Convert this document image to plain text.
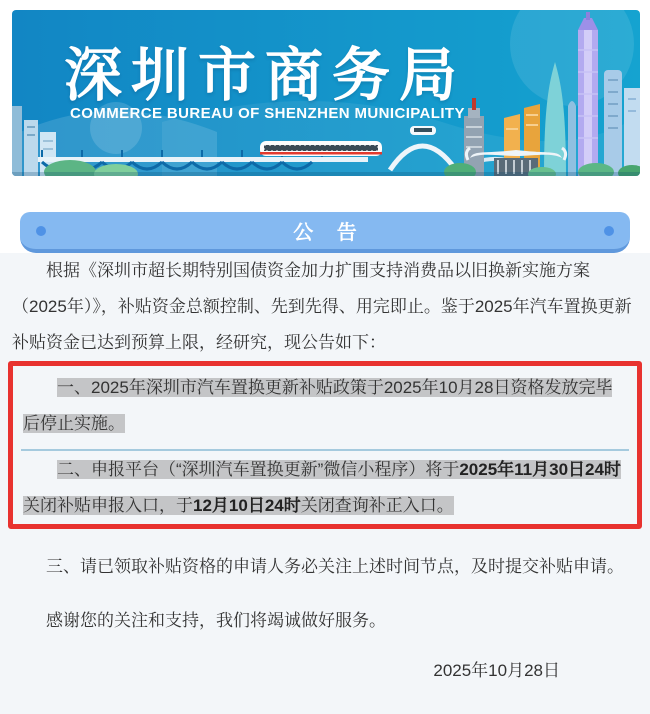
深圳市商务局
COMMERCE BUREAU OF SHENZHEN MUNICIPALITY
公 告

根据《深圳市超长期特别国债资金加力扩围支持消费品以旧换新实施方案（2025年）》，补贴资金总额控制、先到先得、用完即止。鉴于2025年汽车置换更新补贴资金已达到预算上限，经研究，现公告如下：

一、2025年深圳市汽车置换更新补贴政策于2025年10月28日资格发放完毕后停止实施。

二、申报平台（“深圳汽车置换更新”微信小程序）将于2025年11月30日24时关闭补贴申报入口，于12月10日24时关闭查询补正入口。

三、请已领取补贴资格的申请人务必关注上述时间节点，及时提交补贴申请。

感谢您的关注和支持，我们将竭诚做好服务。

2025年10月28日
